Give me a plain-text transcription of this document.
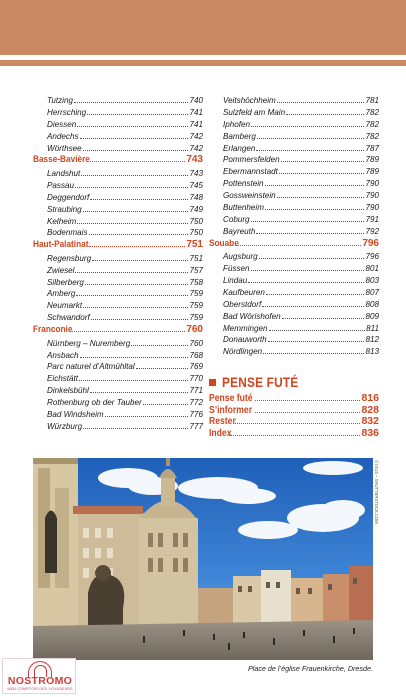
Tutzing	740
Herrsching	741
Diessen	741
Andechs	742
Wörthsee	742
Basse-Bavière	743
Landshut	743
Passau	745
Deggendorf	748
Straubing	749
Kelheim	750
Bodenmais	750
Haut-Palatinat	751
Regensburg	751
Zwiesel	757
Silberberg	758
Amberg	759
Neumarkt	759
Schwandorf	759
Franconie	760
Nürnberg – Nuremberg	760
Ansbach	768
Parc naturel d’Altmühltal	769
Eichstätt	770
Dinkelsbühl	771
Rothenburg ob der Tauber	772
Bad Windsheim	776
Würzburg	777
Veitshöchheim	781
Sulzfeld am Main	782
Iphofen	782
Bamberg	782
Erlangen	787
Pommersfelden	789
Ebermannstadt	789
Pottenstein	790
Gossweinstein	790
Buttenheim	790
Coburg	791
Bayreuth	792
Souabe	796
Augsburg	796
Füssen	801
Lindau	803
Kaufbeuren	807
Oberstdorf	808
Bad Wörishofen	809
Memmingen	811
Donauworth	812
Nördlingen	813
PENSE FUTÉ
Pense futé	816
S’informer	828
Rester	832
Index	836
© IXUS – SHUTTERSTOCK.COM
Place de l’église Frauenkirche, Dresde.
NOSTROMO
WEB COMPTOIR DES VOYAGEURS
